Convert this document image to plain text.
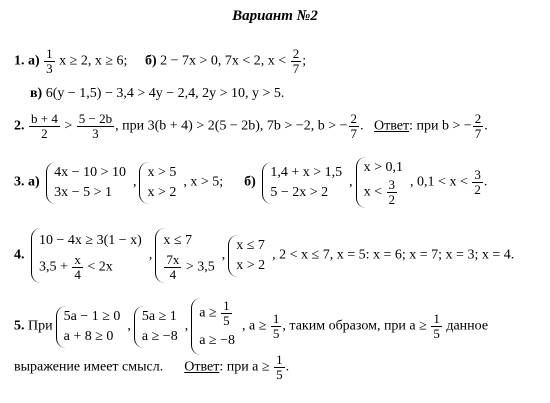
Вариант №2
1. $а) \frac{1}{3}$ x ≥ 2, x ≥ 6; б) 2 − 7x > 0, 7x < 2, $x < \frac{2}{7}$ ;
в) 6(y − 1,5) − 3,4 > 4y − 2,4, 2y > 10, y > 5.
2. $\frac{b + 4}{2} > \frac{5 - 2b}{3}$ , при 3(b + 4) > 2(5 − 2b), 7b > −2, b > − $\frac{2}{7}$ . Ответ: при b > − $\frac{2}{7}$ .
3. а)
4x − 10 > 10
3x − 5 > 1
,
x > 5
x > 2
, x > 5; б)
1,4 + x > 1,5
5 − 2x > 2
,
x > 0,1
$x < \frac{3}{2}$ , $0,1 < x < \frac{3}{2}$ .
4.
10 − 4x ≥ 3(1 − x)
$3,5 + \frac{x}{4} < 2x$
,
x ≤ 7
$\frac{7x}{4} > 3,5$
,
x ≤ 7
x > 2
, 2 < x ≤ 7, x = 5: x = 6; x = 7; x = 3; x = 4.
5. При
5a − 1 ≥ 0
a + 8 ≥ 0
,
5a ≥ 1
a ≥ −8
,
$a \ge \frac{1}{5}$
a ≥ −8
, $a \ge \frac{1}{5}$ , таким образом, при $a \ge \frac{1}{5}$ данное
выражение имеет смысл. Ответ: при $a \ge \frac{1}{5}$ .
